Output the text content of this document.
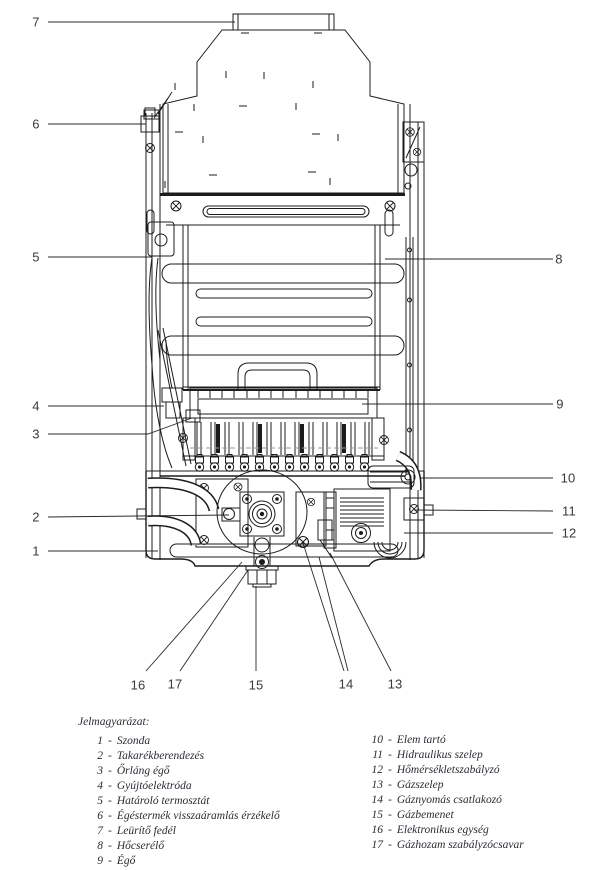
7
6
5
4
3
2
1
8
9
10
11
12
16 17	15	14	13
Jelmagyarázat:
1 - Szonda
2 - Takarékberendezés
3 - Őrláng égő
4 - Gyújtóelektróda
5 - Határoló termosztát
6 - Égéstermék visszaáramlás érzékelő
7 - Leürítő fedél
8 - Hőcserélő
9 - Égő
10 - Elem tartó
11 - Hidraulikus szelep
12 - Hőmérsékletszabályzó
13 - Gázszelep
14 - Gáznyomás csatlakozó
15 - Gázbemenet
16 - Elektronikus egység
17 - Gázhozam szabályzócsavar
